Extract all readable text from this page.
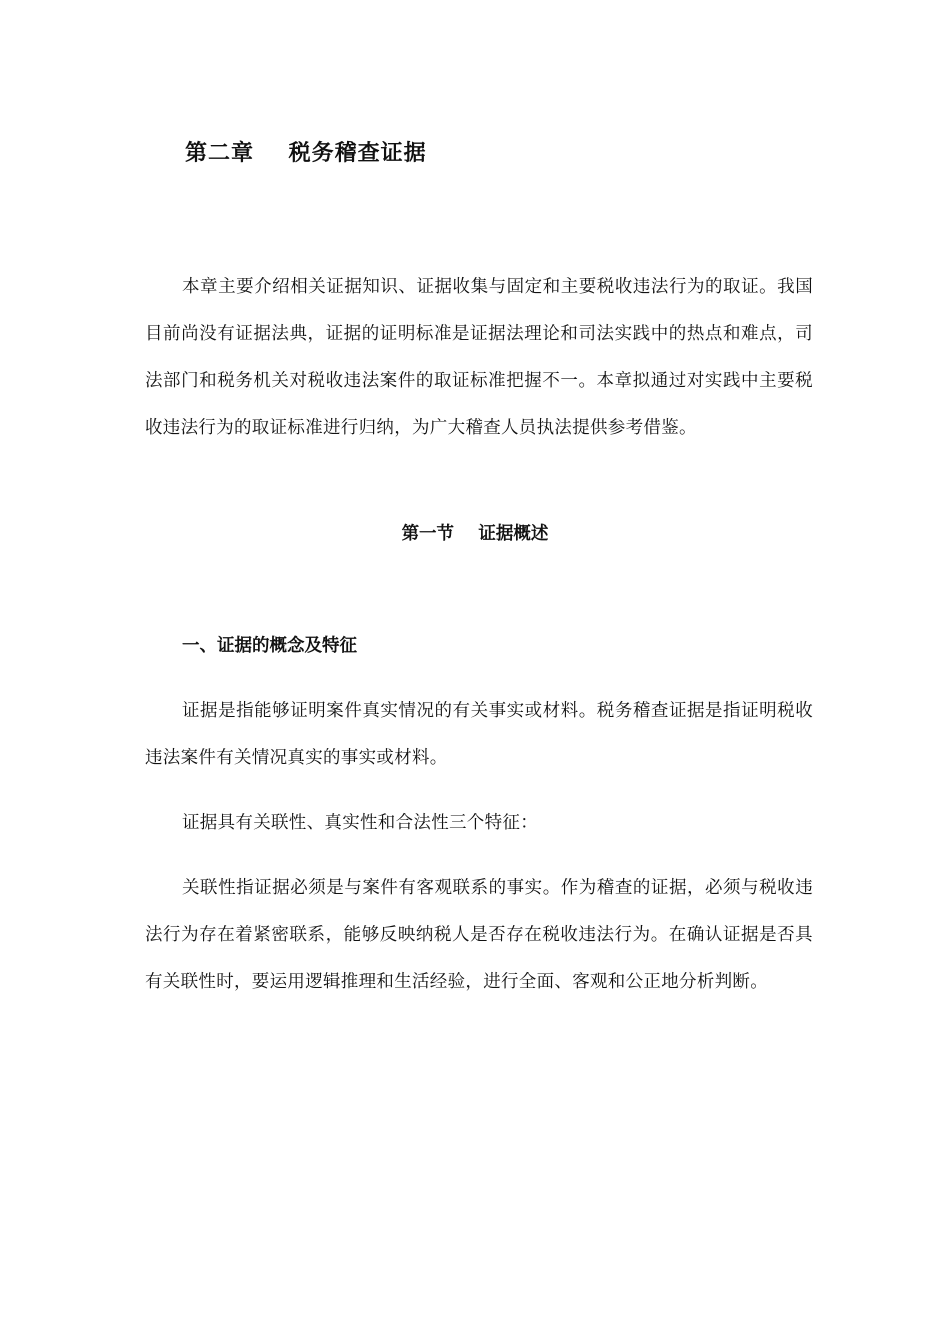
第二章    税务稽查证据

本章主要介绍相关证据知识、证据收集与固定和主要税收违法行为的取证。我国目前尚没有证据法典，证据的证明标准是证据法理论和司法实践中的热点和难点，司法部门和税务机关对税收违法案件的取证标准把握不一。本章拟通过对实践中主要税收违法行为的取证标准进行归纳，为广大稽查人员执法提供参考借鉴。

第一节    证据概述
一、证据的概念及特征

证据是指能够证明案件真实情况的有关事实或材料。税务稽查证据是指证明税收违法案件有关情况真实的事实或材料。

证据具有关联性、真实性和合法性三个特征：

关联性指证据必须是与案件有客观联系的事实。作为稽查的证据，必须与税收违法行为存在着紧密联系，能够反映纳税人是否存在税收违法行为。在确认证据是否具有关联性时，要运用逻辑推理和生活经验，进行全面、客观和公正地分析判断。
